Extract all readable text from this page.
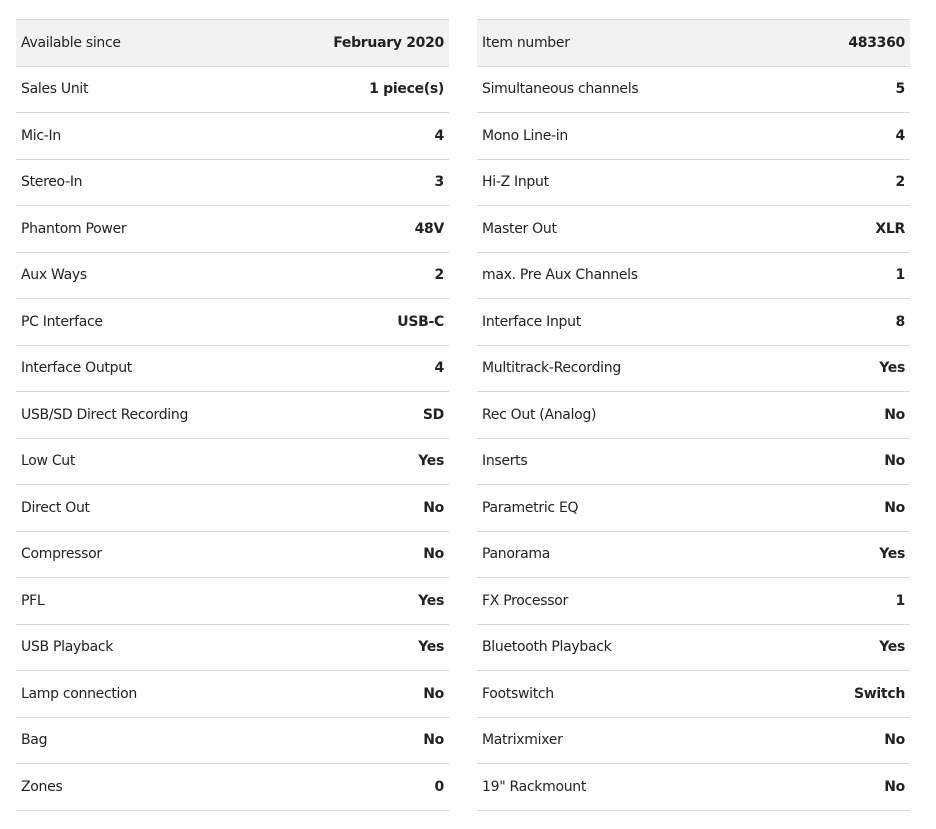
Available since	February 2020
Sales Unit	1 piece(s)
Mic-In	4
Stereo-In	3
Phantom Power	48V
Aux Ways	2
PC Interface	USB-C
Interface Output	4
USB/SD Direct Recording	SD
Low Cut	Yes
Direct Out	No
Compressor	No
PFL	Yes
USB Playback	Yes
Lamp connection	No
Bag	No
Zones	0
Item number	483360
Simultaneous channels	5
Mono Line-in	4
Hi-Z Input	2
Master Out	XLR
max. Pre Aux Channels	1
Interface Input	8
Multitrack-Recording	Yes
Rec Out (Analog)	No
Inserts	No
Parametric EQ	No
Panorama	Yes
FX Processor	1
Bluetooth Playback	Yes
Footswitch	Switch
Matrixmixer	No
19" Rackmount	No
